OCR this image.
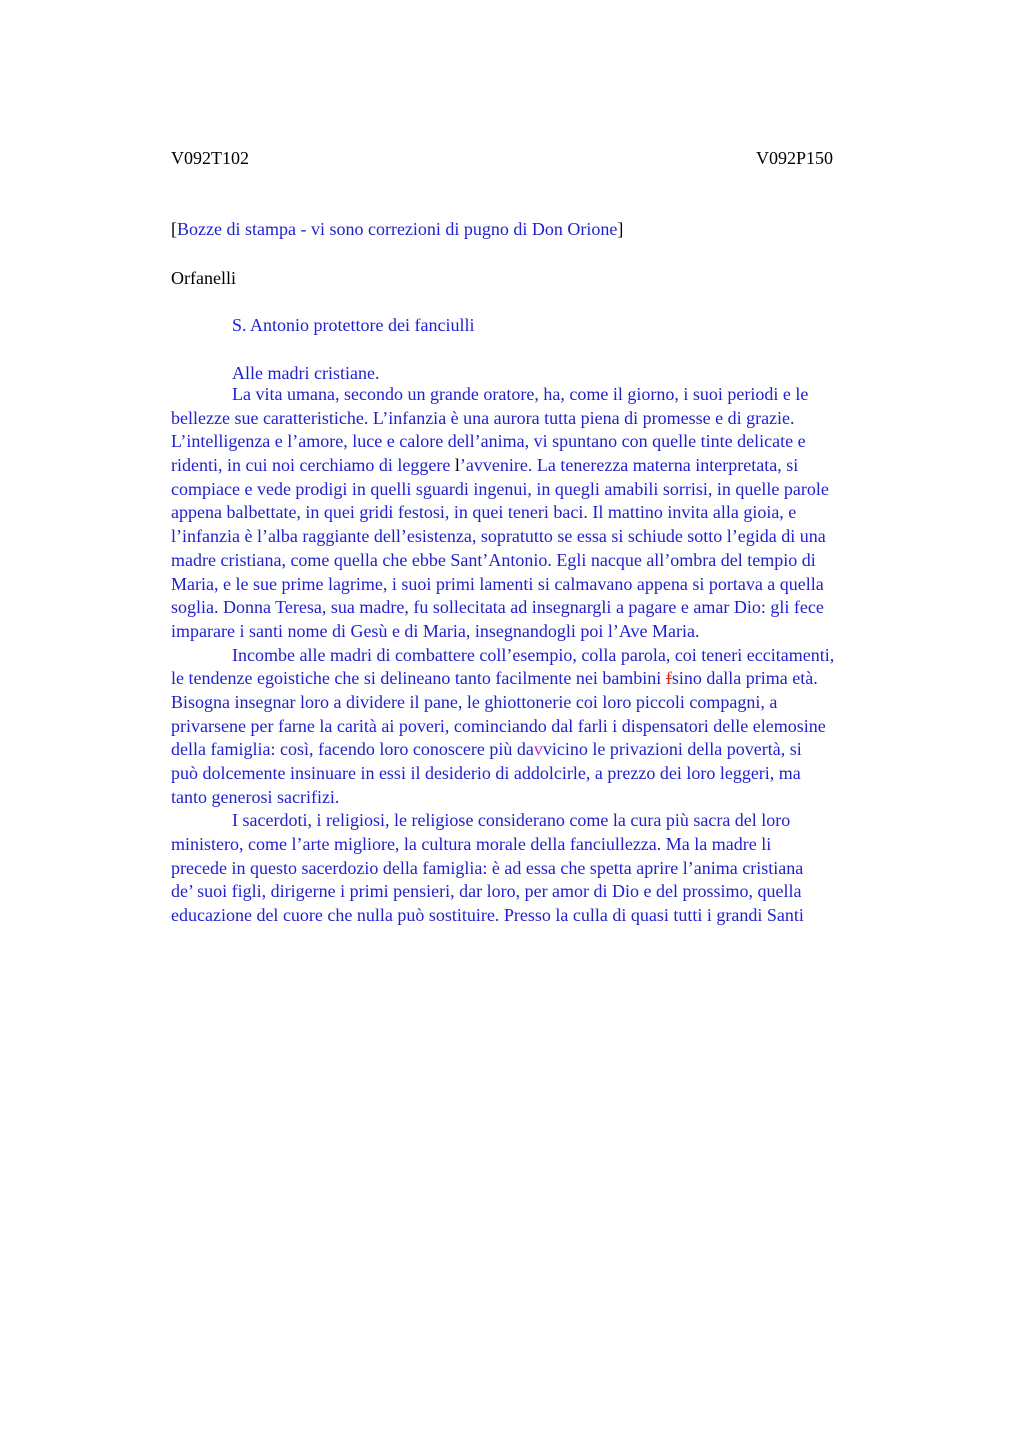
V092T102	V092P150
[Bozze di stampa - vi sono correzioni di pugno di Don Orione]
Orfanelli
S. Antonio protettore dei fanciulli
Alle madri cristiane.
La vita umana, secondo un grande oratore, ha, come il giorno, i suoi periodi e le
bellezze sue caratteristiche. L’infanzia è una aurora tutta piena di promesse e di grazie.
L’intelligenza e l’amore, luce e calore dell’anima, vi spuntano con quelle tinte delicate e
ridenti, in cui noi cerchiamo di leggere l’avvenire. La tenerezza materna interpretata, si
compiace e vede prodigi in quelli sguardi ingenui, in quegli amabili sorrisi, in quelle parole
appena balbettate, in quei gridi festosi, in quei teneri baci. Il mattino invita alla gioia, e
l’infanzia è l’alba raggiante dell’esistenza, sopratutto se essa si schiude sotto l’egida di una
madre cristiana, come quella che ebbe Sant’Antonio. Egli nacque all’ombra del tempio di
Maria, e le sue prime lagrime, i suoi primi lamenti si calmavano appena si portava a quella
soglia. Donna Teresa, sua madre, fu sollecitata ad insegnargli a pagare e amar Dio: gli fece
imparare i santi nome di Gesù e di Maria, insegnandogli poi l’Ave Maria.
Incombe alle madri di combattere coll’esempio, colla parola, coi teneri eccitamenti,
le tendenze egoistiche che si delineano tanto facilmente nei bambini fsino dalla prima età.
Bisogna insegnar loro a dividere il pane, le ghiottonerie coi loro piccoli compagni, a
privarsene per farne la carità ai poveri, cominciando dal farli i dispensatori delle elemosine
della famiglia: così, facendo loro conoscere più davvicino le privazioni della povertà, si
può dolcemente insinuare in essi il desiderio di addolcirle, a prezzo dei loro leggeri, ma
tanto generosi sacrifizi.
I sacerdoti, i religiosi, le religiose considerano come la cura più sacra del loro
ministero, come l’arte migliore, la cultura morale della fanciullezza. Ma la madre li
precede in questo sacerdozio della famiglia: è ad essa che spetta aprire l’anima cristiana
de’ suoi figli, dirigerne i primi pensieri, dar loro, per amor di Dio e del prossimo, quella
educazione del cuore che nulla può sostituire. Presso la culla di quasi tutti i grandi Santi
